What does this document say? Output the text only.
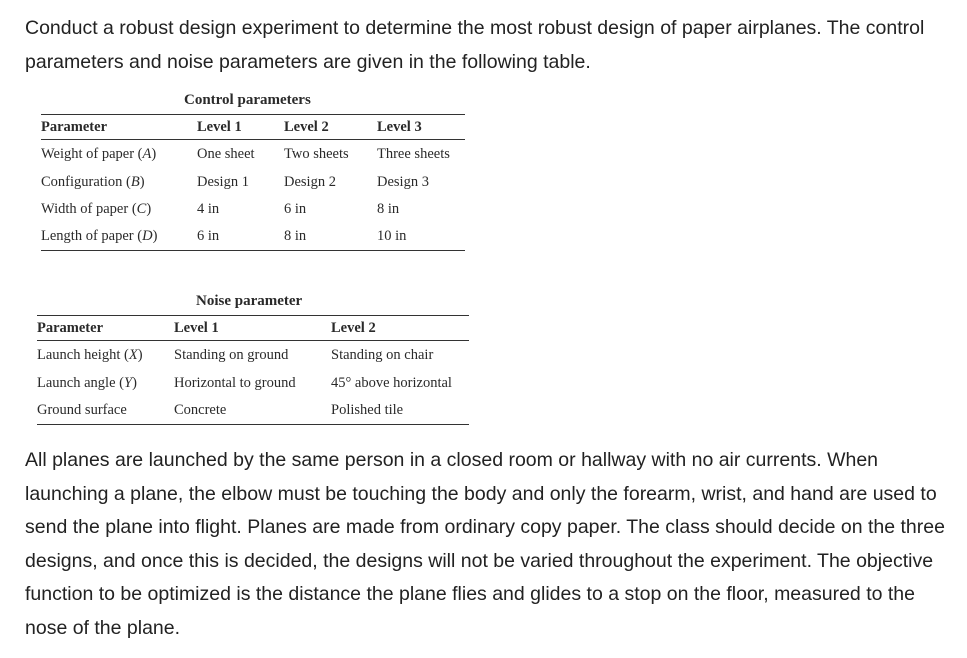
Conduct a robust design experiment to determine the most robust design of paper airplanes. The control parameters and noise parameters are given in the following table.

Control parameters
Parameter	Level 1	Level 2	Level 3
Weight of paper (A)	One sheet	Two sheets	Three sheets
Configuration (B)	Design 1	Design 2	Design 3
Width of paper (C)	4 in	6 in	8 in
Length of paper (D)	6 in	8 in	10 in
Noise parameter
Parameter	Level 1	Level 2
Launch height (X)	Standing on ground	Standing on chair
Launch angle (Y)	Horizontal to ground	45° above horizontal
Ground surface	Concrete	Polished tile

All planes are launched by the same person in a closed room or hallway with no air currents. When launching a plane, the elbow must be touching the body and only the forearm, wrist, and hand are used to send the plane into flight. Planes are made from ordinary copy paper. The class should decide on the three designs, and once this is decided, the designs will not be varied throughout the experiment. The objective function to be optimized is the distance the plane flies and glides to a stop on the floor, measured to the nose of the plane.
